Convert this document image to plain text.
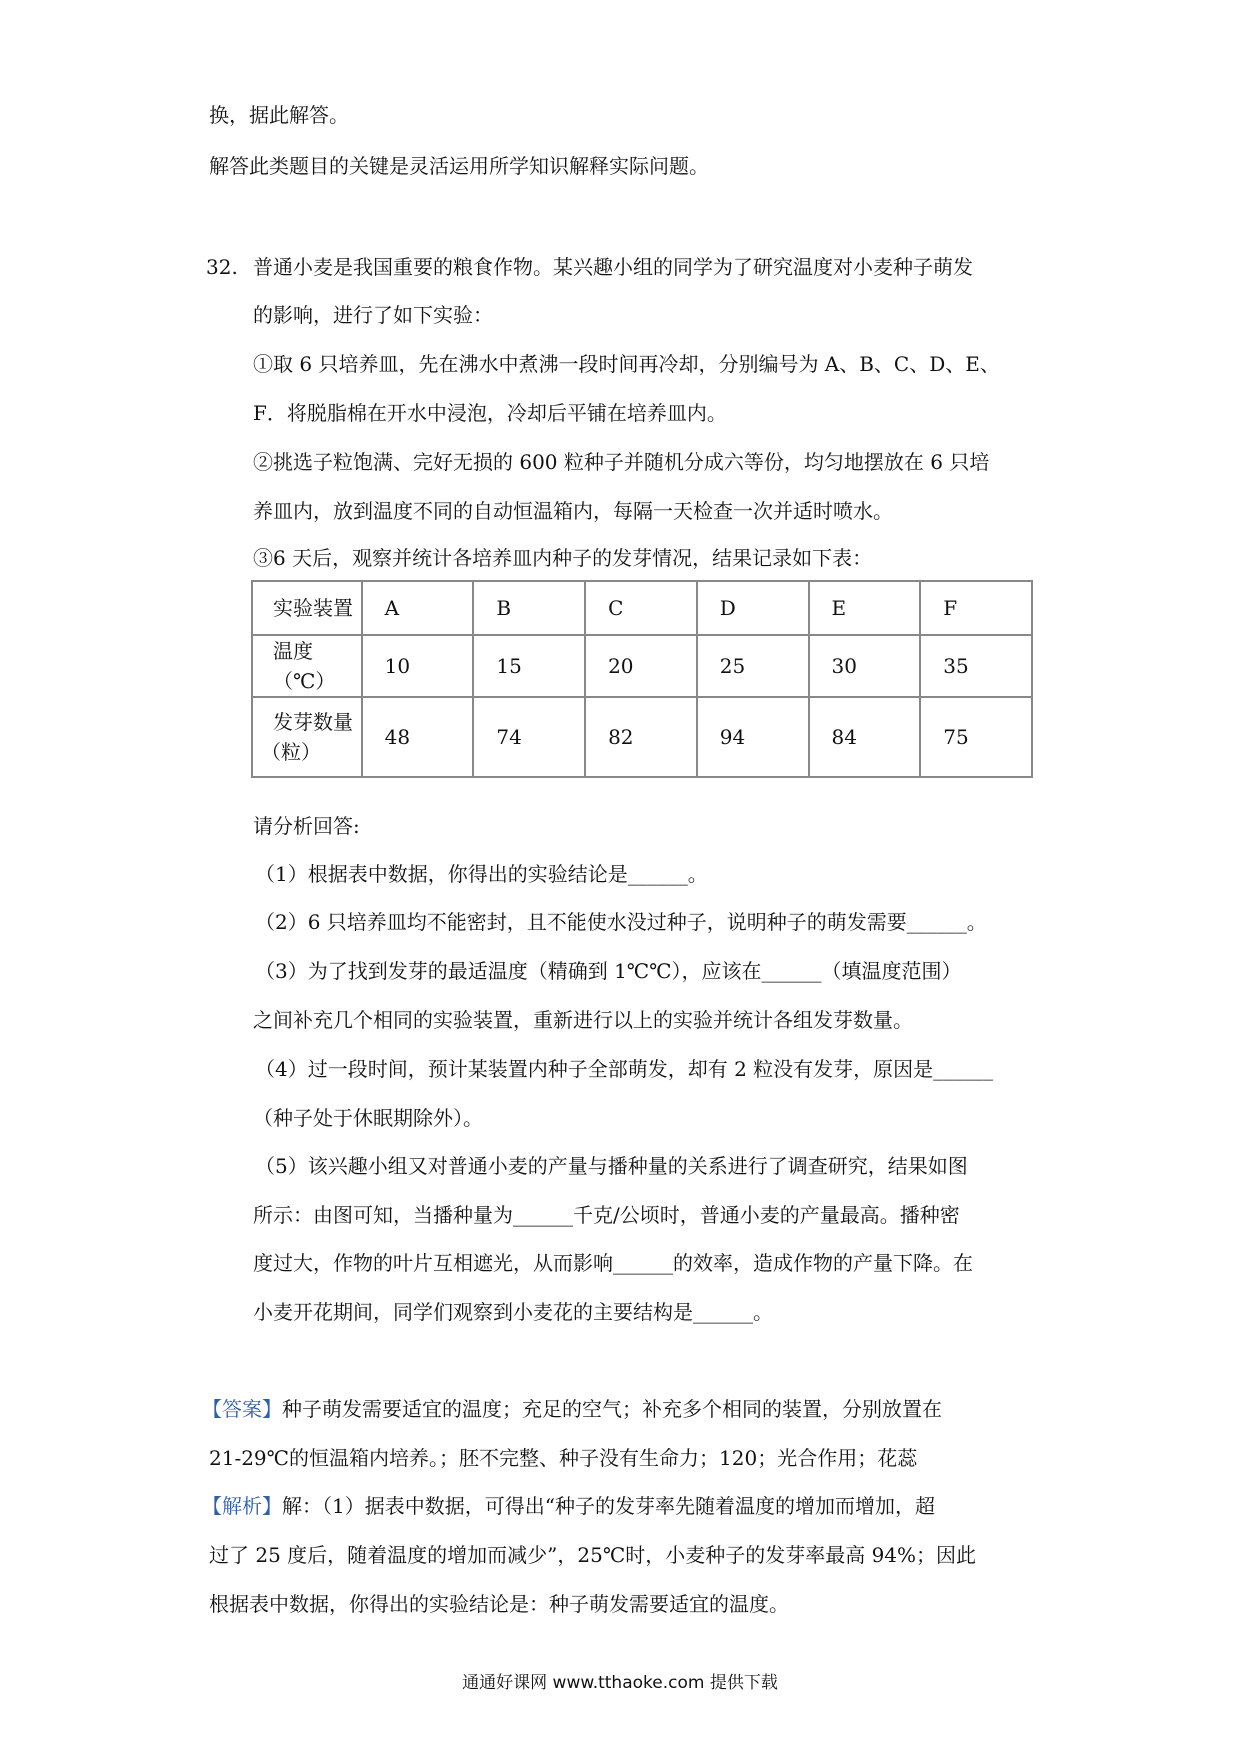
换，据此解答。
解答此类题目的关键是灵活运用所学知识解释实际问题。
32. 普通小麦是我国重要的粮食作物。某兴趣小组的同学为了研究温度对小麦种子萌发
的影响，进行了如下实验：
①取 6 只培养皿，先在沸水中煮沸一段时间再冷却，分别编号为 A、B、C、D、E、
F．将脱脂棉在开水中浸泡，冷却后平铺在培养皿内。
②挑选子粒饱满、完好无损的 600 粒种子并随机分成六等份，均匀地摆放在 6 只培
养皿内，放到温度不同的自动恒温箱内，每隔一天检查一次并适时喷水。
③6 天后，观察并统计各培养皿内种子的发芽情况，结果记录如下表：
实验装置	A	B	C	D	E	F
温度（℃）	10	15	20	25	30	35

发芽数量
（粒）	48	74	82	94	84	75
请分析回答:
（1）根据表中数据，你得出的实验结论是______。
（2）6 只培养皿均不能密封，且不能使水没过种子，说明种子的萌发需要______。
（3）为了找到发芽的最适温度（精确到 1℃℃），应该在______（填温度范围）
之间补充几个相同的实验装置，重新进行以上的实验并统计各组发芽数量。
（4）过一段时间，预计某装置内种子全部萌发，却有 2 粒没有发芽，原因是______
（种子处于休眠期除外）。
（5）该兴趣小组又对普通小麦的产量与播种量的关系进行了调查研究，结果如图
所示：由图可知，当播种量为______千克/公顷时，普通小麦的产量最高。播种密
度过大，作物的叶片互相遮光，从而影响______的效率，造成作物的产量下降。在
小麦开花期间，同学们观察到小麦花的主要结构是______。
【答案】种子萌发需要适宜的温度；充足的空气；补充多个相同的装置，分别放置在
21-29℃的恒温箱内培养。；胚不完整、种子没有生命力；120；光合作用；花蕊
【解析】解：（1）据表中数据，可得出“种子的发芽率先随着温度的增加而增加，超
过了 25 度后，随着温度的增加而减少”，25℃时，小麦种子的发芽率最高 94%；因此
根据表中数据，你得出的实验结论是：种子萌发需要适宜的温度。
通通好课网 www.tthaoke.com 提供下载
